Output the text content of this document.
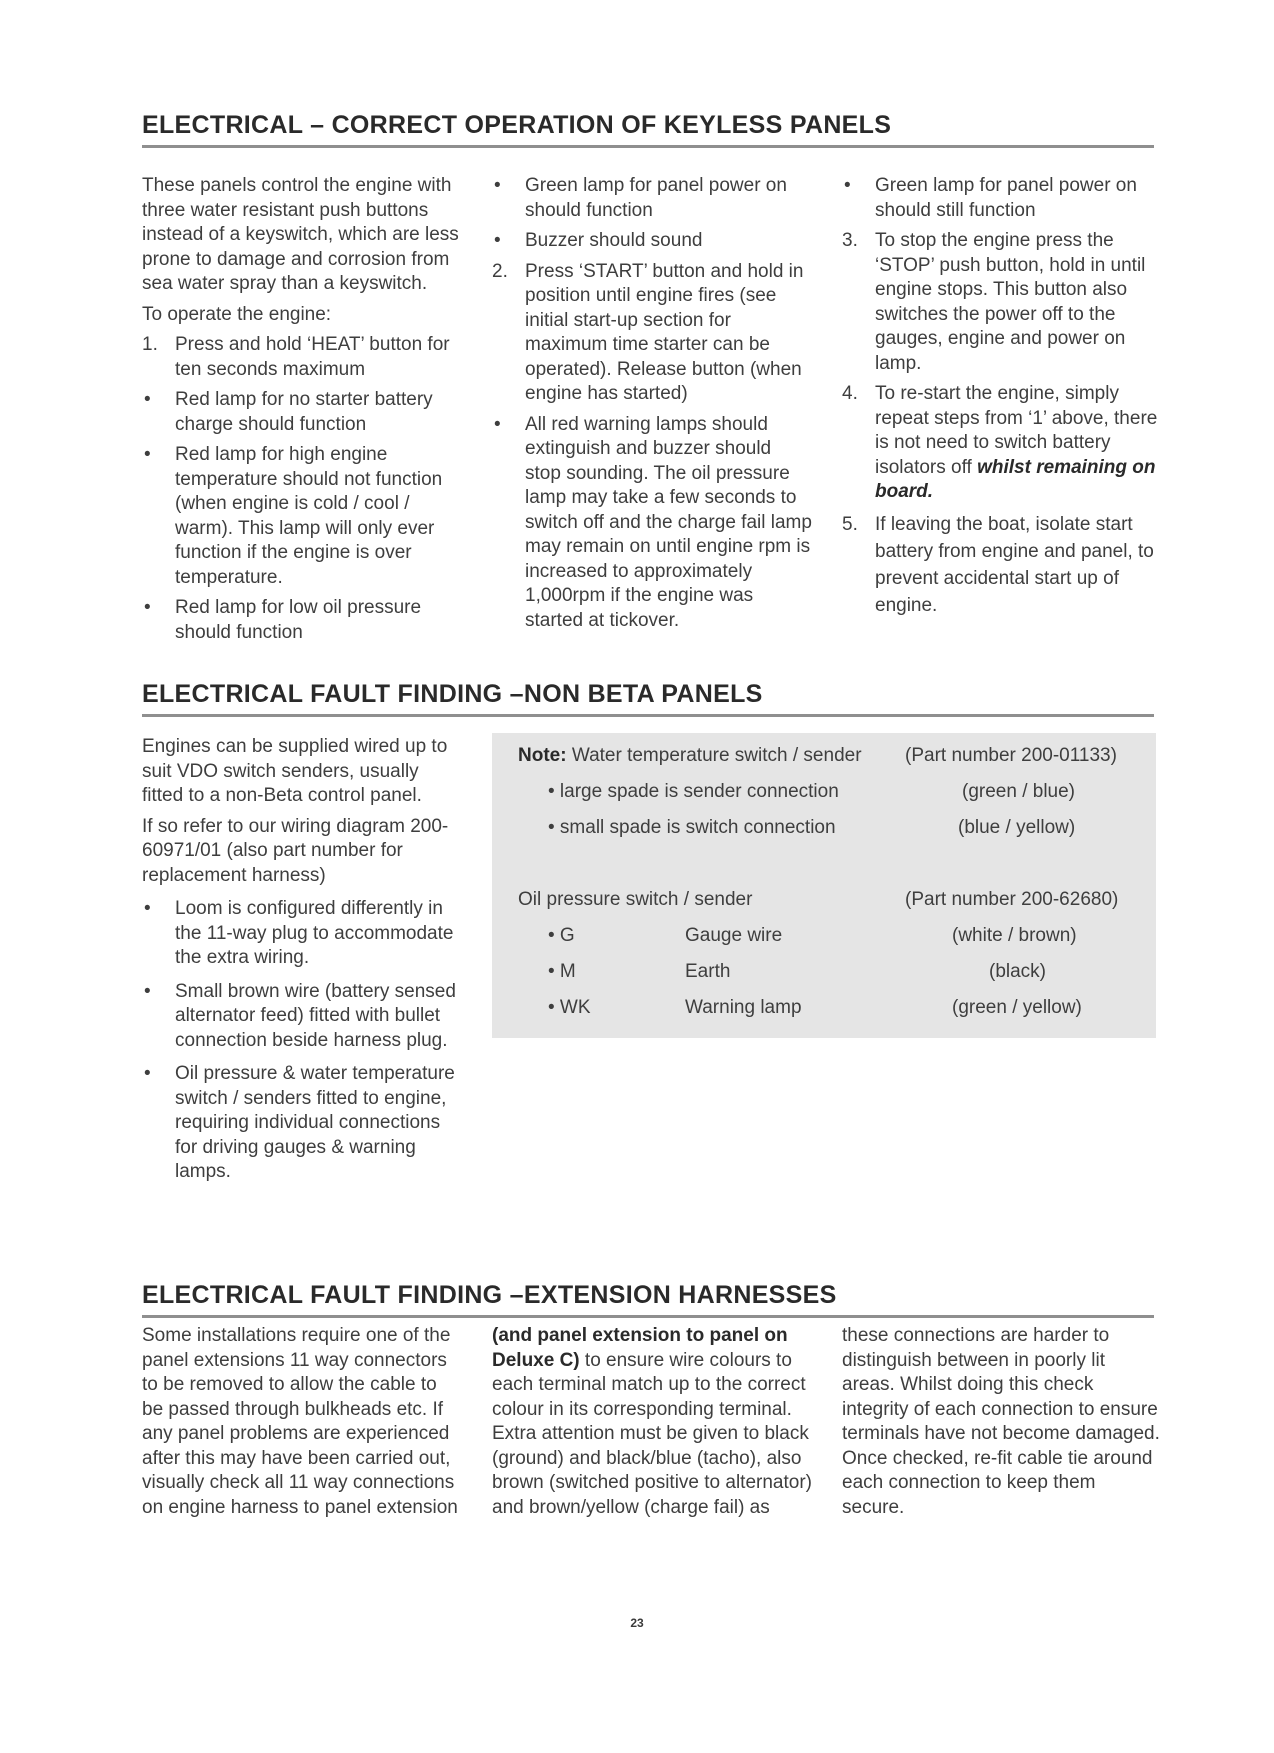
ELECTRICAL – CORRECT OPERATION OF KEYLESS PANELS

These panels control the engine with three water resistant push buttons instead of a keyswitch, which are less prone to damage and corrosion from sea water spray than a keyswitch.

To operate the engine:

1. Press and hold ‘HEAT’ button for ten seconds maximum
•	Red lamp for no starter battery charge should function
•	Red lamp for high engine temperature should not function (when engine is cold / cool / warm). This lamp will only ever function if the engine is over temperature.
•	Red lamp for low oil pressure should function
•	Green lamp for panel power on should function
•	Buzzer should sound
2. Press ‘START’ button and hold in position until engine fires (see initial start-up section for maximum time starter can be operated). Release button (when engine has started)
•	All red warning lamps should extinguish and buzzer should stop sounding. The oil pressure lamp may take a few seconds to switch off and the charge fail lamp may remain on until engine rpm is increased to approximately 1,000rpm if the engine was started at tickover.
•	Green lamp for panel power on should still function
3. To stop the engine press the ‘STOP’ push button, hold in until engine stops. This button also switches the power off to the gauges, engine and power on lamp.
4. To re-start the engine, simply repeat steps from ‘1’ above, there is not need to switch battery isolators off whilst remaining on board.
5. If leaving the boat, isolate start battery from engine and panel, to prevent accidental start up of engine.
ELECTRICAL FAULT FINDING –NON BETA PANELS

Engines can be supplied wired up to suit VDO switch senders, usually fitted to a non-Beta control panel.

If so refer to our wiring diagram 200-60971/01 (also part number for replacement harness)

•	Loom is configured differently in the 11-way plug to accommodate the extra wiring.
•	Small brown wire (battery sensed alternator feed) fitted with bullet connection beside harness plug.
•	Oil pressure & water temperature switch / senders fitted to engine, requiring individual connections for driving gauges & warning lamps.
Note: Water temperature switch / sender (Part number 200-01133)
• large spade is sender connection	(green / blue)
• small spade is switch connection	(blue / yellow)
Oil pressure switch / sender	(Part number 200-62680)
• G	Gauge wire	(white / brown)
• M	Earth	(black)
• WK	Warning lamp	(green / yellow)
ELECTRICAL FAULT FINDING –EXTENSION HARNESSES

Some installations require one of the panel extensions 11 way connectors to be removed to allow the cable to be passed through bulkheads etc. If any panel problems are experienced after this may have been carried out, visually check all 11 way connections on engine harness to panel extension

(and panel extension to panel on
Deluxe C) to ensure wire colours to each terminal match up to the correct colour in its corresponding terminal. Extra attention must be given to black (ground) and black/blue (tacho), also brown (switched positive to alternator) and brown/yellow (charge fail) as

these connections are harder to distinguish between in poorly lit areas. Whilst doing this check integrity of each connection to ensure terminals have not become damaged. Once checked, re-fit cable tie around each connection to keep them secure.

23
